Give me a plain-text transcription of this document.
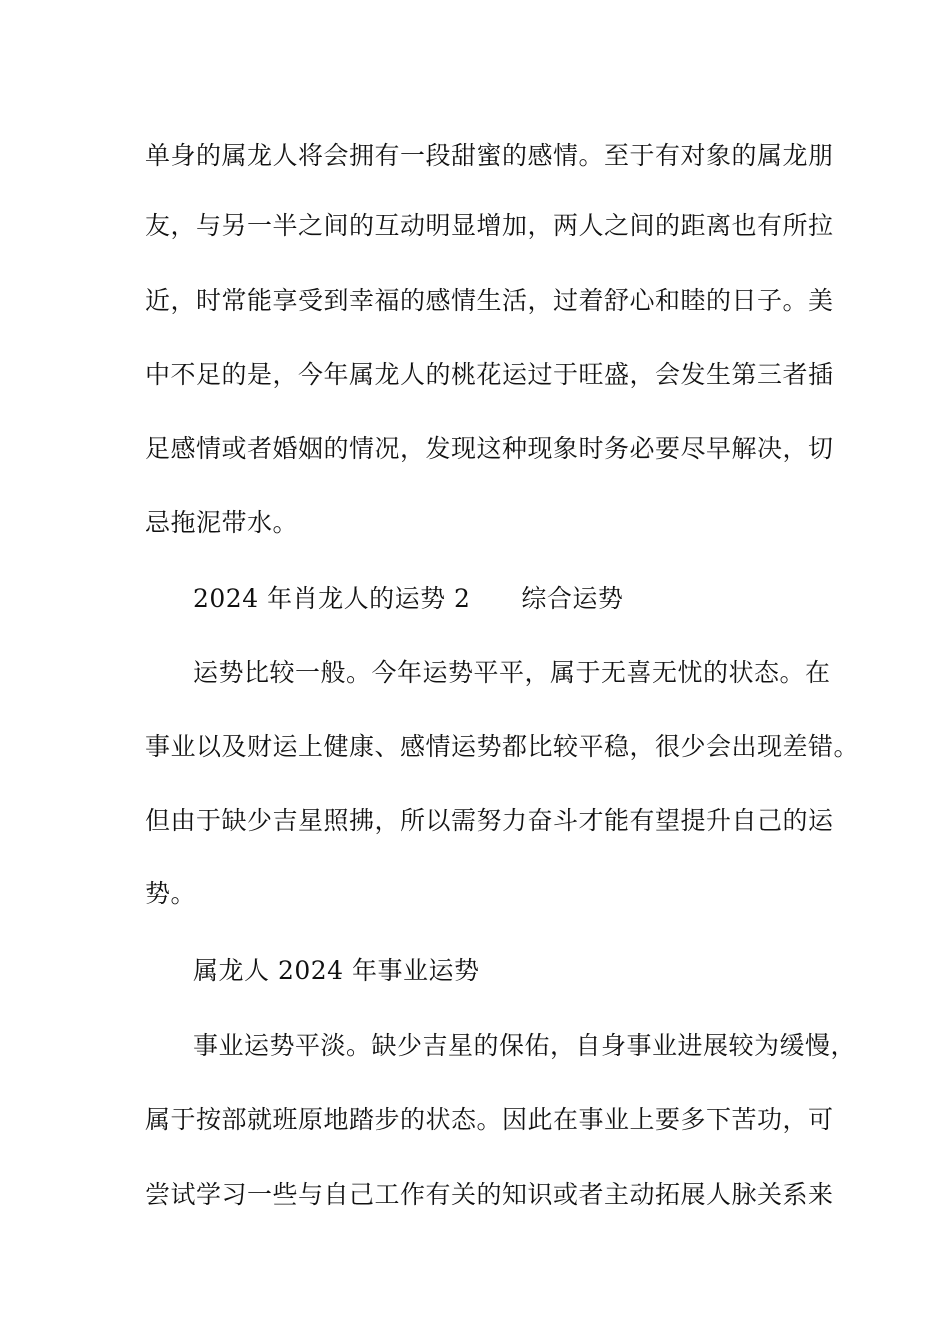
单身的属龙人将会拥有一段甜蜜的感情。至于有对象的属龙朋
友，与另一半之间的互动明显增加，两人之间的距离也有所拉
近，时常能享受到幸福的感情生活，过着舒心和睦的日子。美
中不足的是，今年属龙人的桃花运过于旺盛，会发生第三者插
足感情或者婚姻的情况，发现这种现象时务必要尽早解决，切
忌拖泥带水。
2024 年肖龙人的运势 2　　综合运势
运势比较一般。今年运势平平，属于无喜无忧的状态。在
事业以及财运上健康、感情运势都比较平稳，很少会出现差错。
但由于缺少吉星照拂，所以需努力奋斗才能有望提升自己的运
势。
属龙人 2024 年事业运势
事业运势平淡。缺少吉星的保佑，自身事业进展较为缓慢，
属于按部就班原地踏步的状态。因此在事业上要多下苦功，可
尝试学习一些与自己工作有关的知识或者主动拓展人脉关系来
